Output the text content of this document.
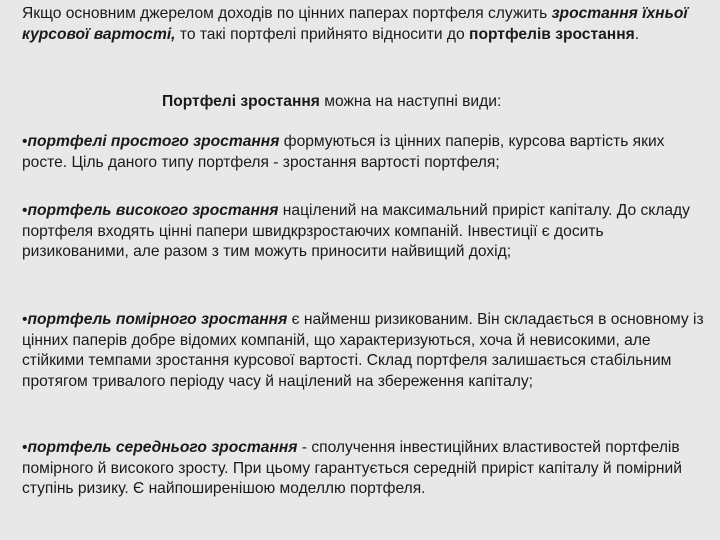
Якщо основним джерелом доходів по цінних паперах портфеля служить зростання їхньої курсової вартості, то такі портфелі прийнято відносити до портфелів зростання.

Портфелі зростання можна на наступні види:

•портфелі простого зростання формуються із цінних паперів, курсова вартість яких росте. Ціль даного типу портфеля - зростання вартості портфеля;

•портфель високого зростання націлений на максимальний приріст капіталу. До складу портфеля входять цінні папери швидкрзростаючих компаній. Інвестиції є досить ризикованими, але разом з тим можуть приносити найвищий дохід;

•портфель помірного зростання є найменш ризикованим. Він складається в основному із цінних паперів добре відомих компаній, що характеризуються, хоча й невисокими, але стійкими темпами зростання курсової вартості. Склад портфеля залишається стабільним протягом тривалого періоду часу й націлений на збереження капіталу;

•портфель середнього зростання - сполучення інвестиційних властивостей портфелів помірного й високого зросту. При цьому гарантується середній приріст капіталу й помірний ступінь ризику. Є найпоширенішою моделлю портфеля.
